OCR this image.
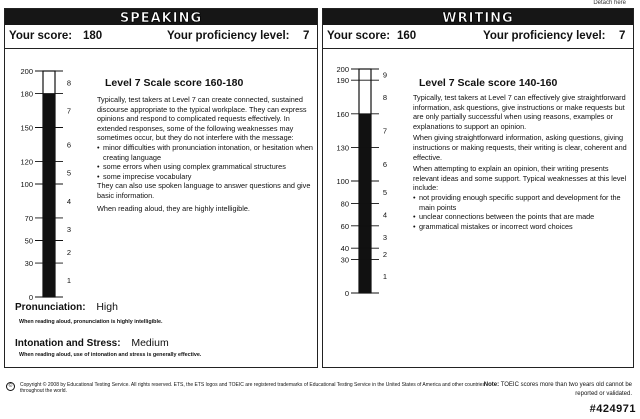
Detach here
SPEAKING
Your score: 180	Your proficiency level: 7
200
180
150
120
100
70
50
30
0
8
7
6
5
4
3
2
1
Level 7 Scale score 160-180

Typically, test takers at Level 7 can create connected, sustained discourse appropriate to the typical workplace. They can express opinions and respond to complicated requests effectively. In extended responses, some of the following weaknesses may sometimes occur, but they do not interfere with the message:

• minor difficulties with pronunciation intonation, or hesitation when creating language
• some errors when using complex grammatical structures
• some imprecise vocabulary

They can also use spoken language to answer questions and give basic information.

When reading aloud, they are highly intelligible.

Pronunciation: High
When reading aloud, pronunciation is highly intelligible.
Intonation and Stress: Medium
When reading aloud, use of intonation and stress is generally effective.
WRITING
Your score: 160	Your proficiency level: 7
200
190
160
130
100
80
60
40
30
0
9
8
7
6
5
4
3
2
1
Level 7 Scale score 140-160

Typically, test takers at Level 7 can effectively give straightforward information, ask questions, give instructions or make requests but are only partially successful when using reasons, examples or explanations to support an opinion.

When giving straightforward information, asking questions, giving instructions or making requests, their writing is clear, coherent and effective.

When attempting to explain an opinion, their writing presents relevant ideas and some support. Typical weaknesses at this level include:

• not providing enough specific support and development for the main points
• unclear connections between the points that are made
• grammatical mistakes or incorrect word choices
©	Copyright © 2008 by Educational Testing Service. All rights reserved. ETS, the ETS logos and TOEIC are registered trademarks of Educational Testing Service in the United States of America and other countries throughout the world.
Note: TOEIC scores more than two years old cannot be reported or validated.
#424971
